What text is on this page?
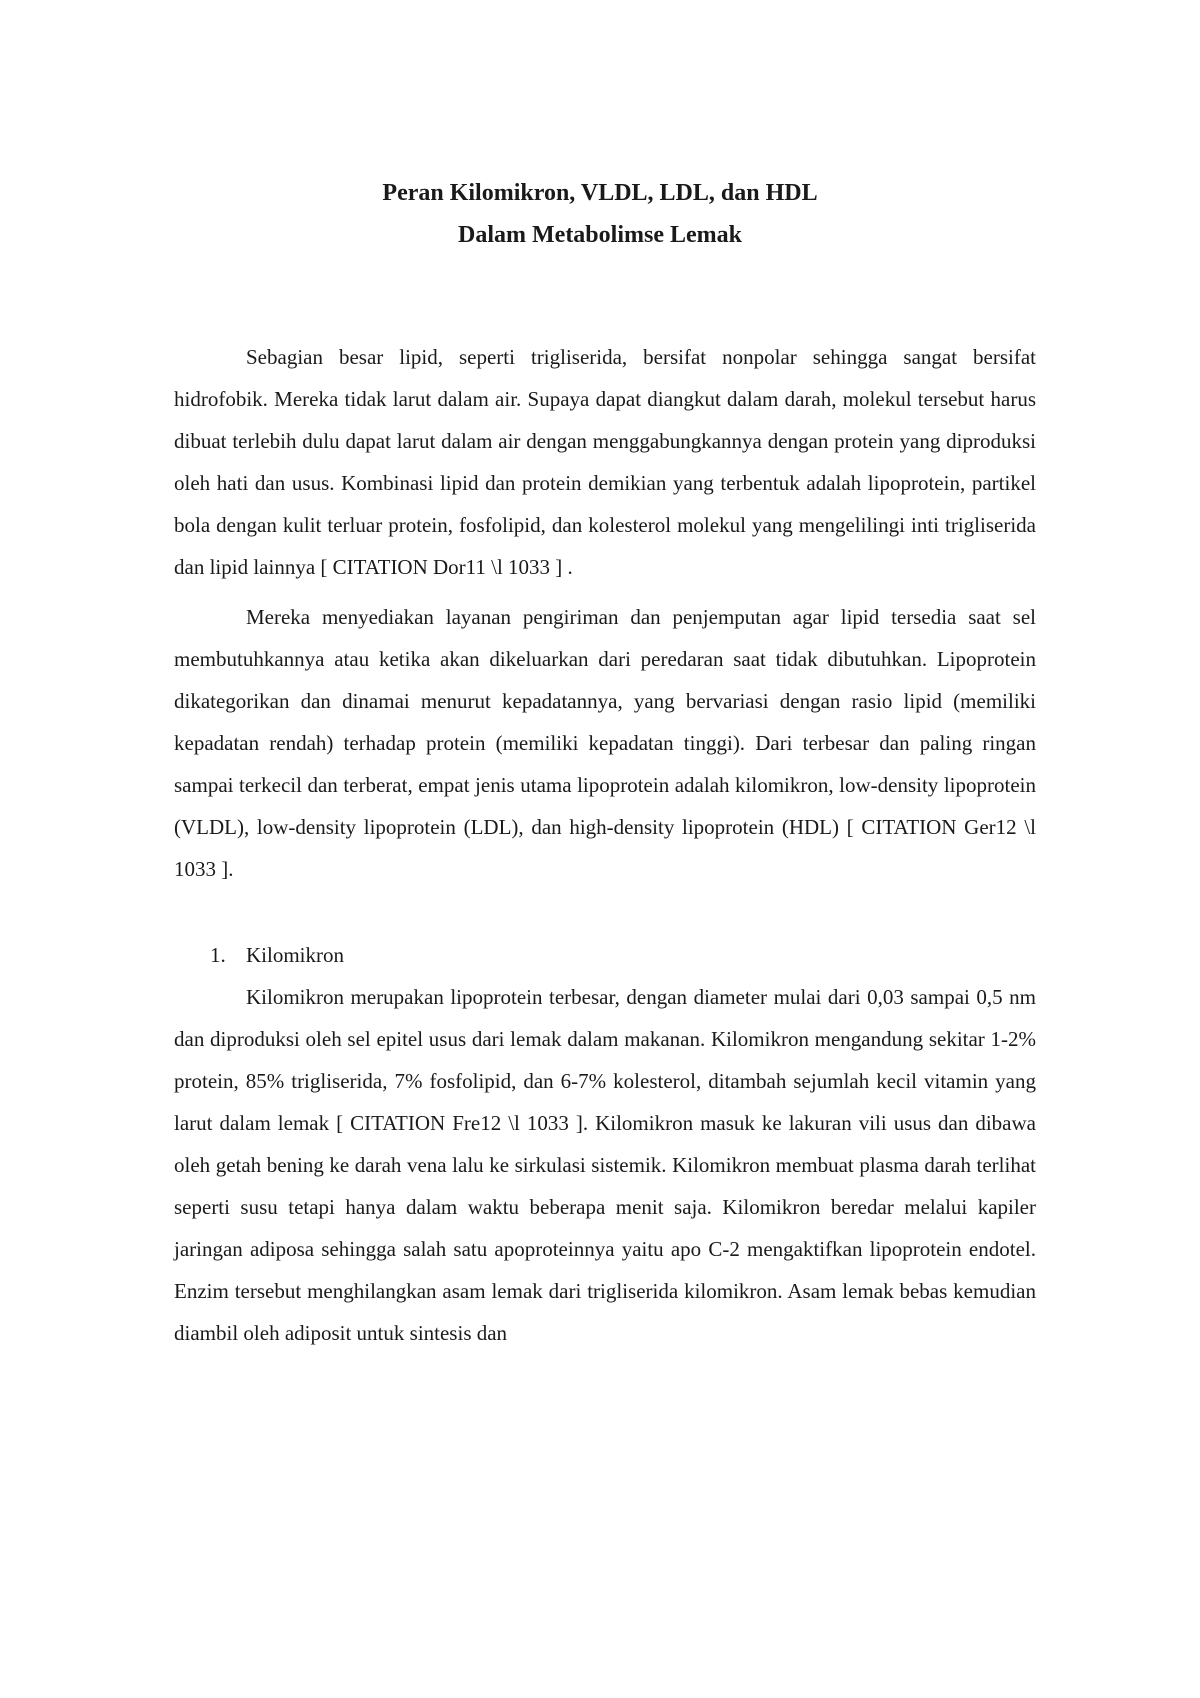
Peran Kilomikron, VLDL, LDL, dan HDL

Dalam Metabolimse Lemak

Sebagian besar lipid, seperti trigliserida, bersifat nonpolar sehingga sangat bersifat hidrofobik. Mereka tidak larut dalam air. Supaya dapat diangkut dalam darah, molekul tersebut harus dibuat terlebih dulu dapat larut dalam air dengan menggabungkannya dengan protein yang diproduksi oleh hati dan usus. Kombinasi lipid dan protein demikian yang terbentuk adalah lipoprotein, partikel bola dengan kulit terluar protein, fosfolipid, dan kolesterol molekul yang mengelilingi inti trigliserida dan lipid lainnya [ CITATION Dor11 \l 1033 ] .

Mereka menyediakan layanan pengiriman dan penjemputan agar lipid tersedia saat sel membutuhkannya atau ketika akan dikeluarkan dari peredaran saat tidak dibutuhkan. Lipoprotein dikategorikan dan dinamai menurut kepadatannya, yang bervariasi dengan rasio lipid (memiliki kepadatan rendah) terhadap protein (memiliki kepadatan tinggi). Dari terbesar dan paling ringan sampai terkecil dan terberat, empat jenis utama lipoprotein adalah kilomikron, low-density lipoprotein (VLDL), low-density lipoprotein (LDL), dan high-density lipoprotein (HDL) [ CITATION Ger12 \l 1033 ].

1. Kilomikron

Kilomikron merupakan lipoprotein terbesar, dengan diameter mulai dari 0,03 sampai 0,5 nm dan diproduksi oleh sel epitel usus dari lemak dalam makanan. Kilomikron mengandung sekitar 1-2% protein, 85% trigliserida, 7% fosfolipid, dan 6-7% kolesterol, ditambah sejumlah kecil vitamin yang larut dalam lemak [ CITATION Fre12 \l 1033 ]. Kilomikron masuk ke lakuran vili usus dan dibawa oleh getah bening ke darah vena lalu ke sirkulasi sistemik. Kilomikron membuat plasma darah terlihat seperti susu tetapi hanya dalam waktu beberapa menit saja. Kilomikron beredar melalui kapiler jaringan adiposa sehingga salah satu apoproteinnya yaitu apo C-2 mengaktifkan lipoprotein endotel. Enzim tersebut menghilangkan asam lemak dari trigliserida kilomikron. Asam lemak bebas kemudian diambil oleh adiposit untuk sintesis dan
